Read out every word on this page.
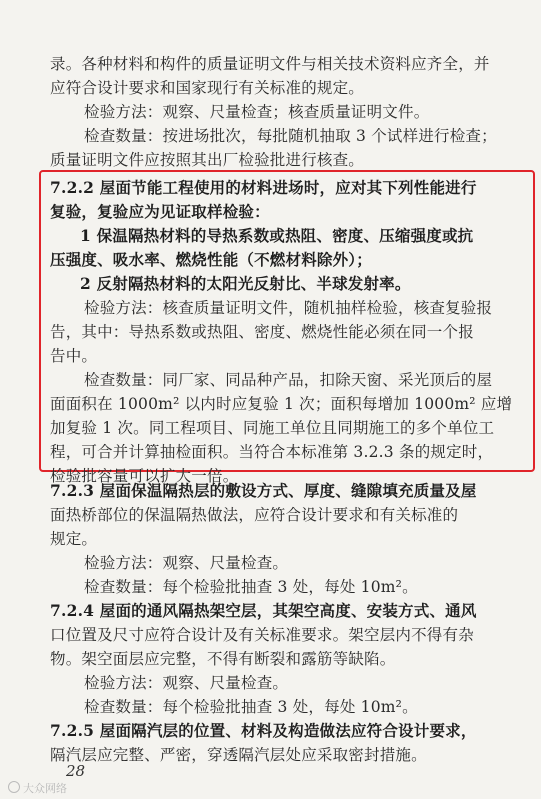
录。各种材料和构件的质量证明文件与相关技术资料应齐全，并
应符合设计要求和国家现行有关标准的规定。
检验方法：观察、尺量检查；核查质量证明文件。
检查数量：按进场批次，每批随机抽取 3 个试样进行检查；
质量证明文件应按照其出厂检验批进行核查。
7.2.2 屋面节能工程使用的材料进场时，应对其下列性能进行
复验，复验应为见证取样检验：
1 保温隔热材料的导热系数或热阻、密度、压缩强度或抗
压强度、吸水率、燃烧性能（不燃材料除外）；
2 反射隔热材料的太阳光反射比、半球发射率。
检验方法：核查质量证明文件，随机抽样检验，核查复验报
告，其中：导热系数或热阻、密度、燃烧性能必须在同一个报
告中。
检查数量：同厂家、同品种产品，扣除天窗、采光顶后的屋
面面积在 1000m² 以内时应复验 1 次；面积每增加 1000m² 应增
加复验 1 次。同工程项目、同施工单位且同期施工的多个单位工
程，可合并计算抽检面积。当符合本标准第 3.2.3 条的规定时，
检验批容量可以扩大一倍。
7.2.3 屋面保温隔热层的敷设方式、厚度、缝隙填充质量及屋
面热桥部位的保温隔热做法，应符合设计要求和有关标准的
规定。
检验方法：观察、尺量检查。
检查数量：每个检验批抽查 3 处，每处 10m²。
7.2.4 屋面的通风隔热架空层，其架空高度、安装方式、通风
口位置及尺寸应符合设计及有关标准要求。架空层内不得有杂
物。架空面层应完整，不得有断裂和露筋等缺陷。
检验方法：观察、尺量检查。
检查数量：每个检验批抽查 3 处，每处 10m²。
7.2.5 屋面隔汽层的位置、材料及构造做法应符合设计要求，
隔汽层应完整、严密，穿透隔汽层处应采取密封措施。
28
大众网络
